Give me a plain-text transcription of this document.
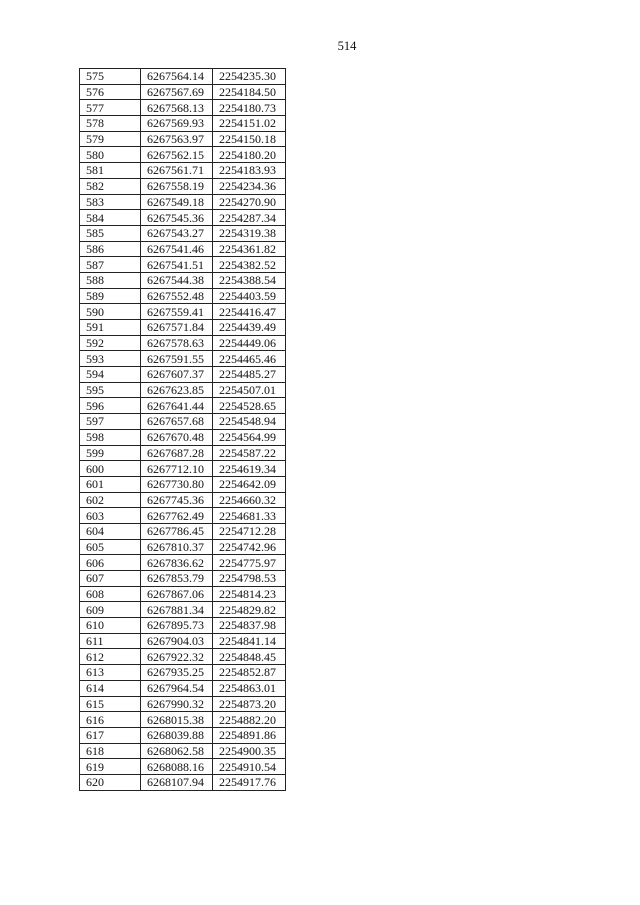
514
575	6267564.14	2254235.30
576	6267567.69	2254184.50
577	6267568.13	2254180.73
578	6267569.93	2254151.02
579	6267563.97	2254150.18
580	6267562.15	2254180.20
581	6267561.71	2254183.93
582	6267558.19	2254234.36
583	6267549.18	2254270.90
584	6267545.36	2254287.34
585	6267543.27	2254319.38
586	6267541.46	2254361.82
587	6267541.51	2254382.52
588	6267544.38	2254388.54
589	6267552.48	2254403.59
590	6267559.41	2254416.47
591	6267571.84	2254439.49
592	6267578.63	2254449.06
593	6267591.55	2254465.46
594	6267607.37	2254485.27
595	6267623.85	2254507.01
596	6267641.44	2254528.65
597	6267657.68	2254548.94
598	6267670.48	2254564.99
599	6267687.28	2254587.22
600	6267712.10	2254619.34
601	6267730.80	2254642.09
602	6267745.36	2254660.32
603	6267762.49	2254681.33
604	6267786.45	2254712.28
605	6267810.37	2254742.96
606	6267836.62	2254775.97
607	6267853.79	2254798.53
608	6267867.06	2254814.23
609	6267881.34	2254829.82
610	6267895.73	2254837.98
611	6267904.03	2254841.14
612	6267922.32	2254848.45
613	6267935.25	2254852.87
614	6267964.54	2254863.01
615	6267990.32	2254873.20
616	6268015.38	2254882.20
617	6268039.88	2254891.86
618	6268062.58	2254900.35
619	6268088.16	2254910.54
620	6268107.94	2254917.76
